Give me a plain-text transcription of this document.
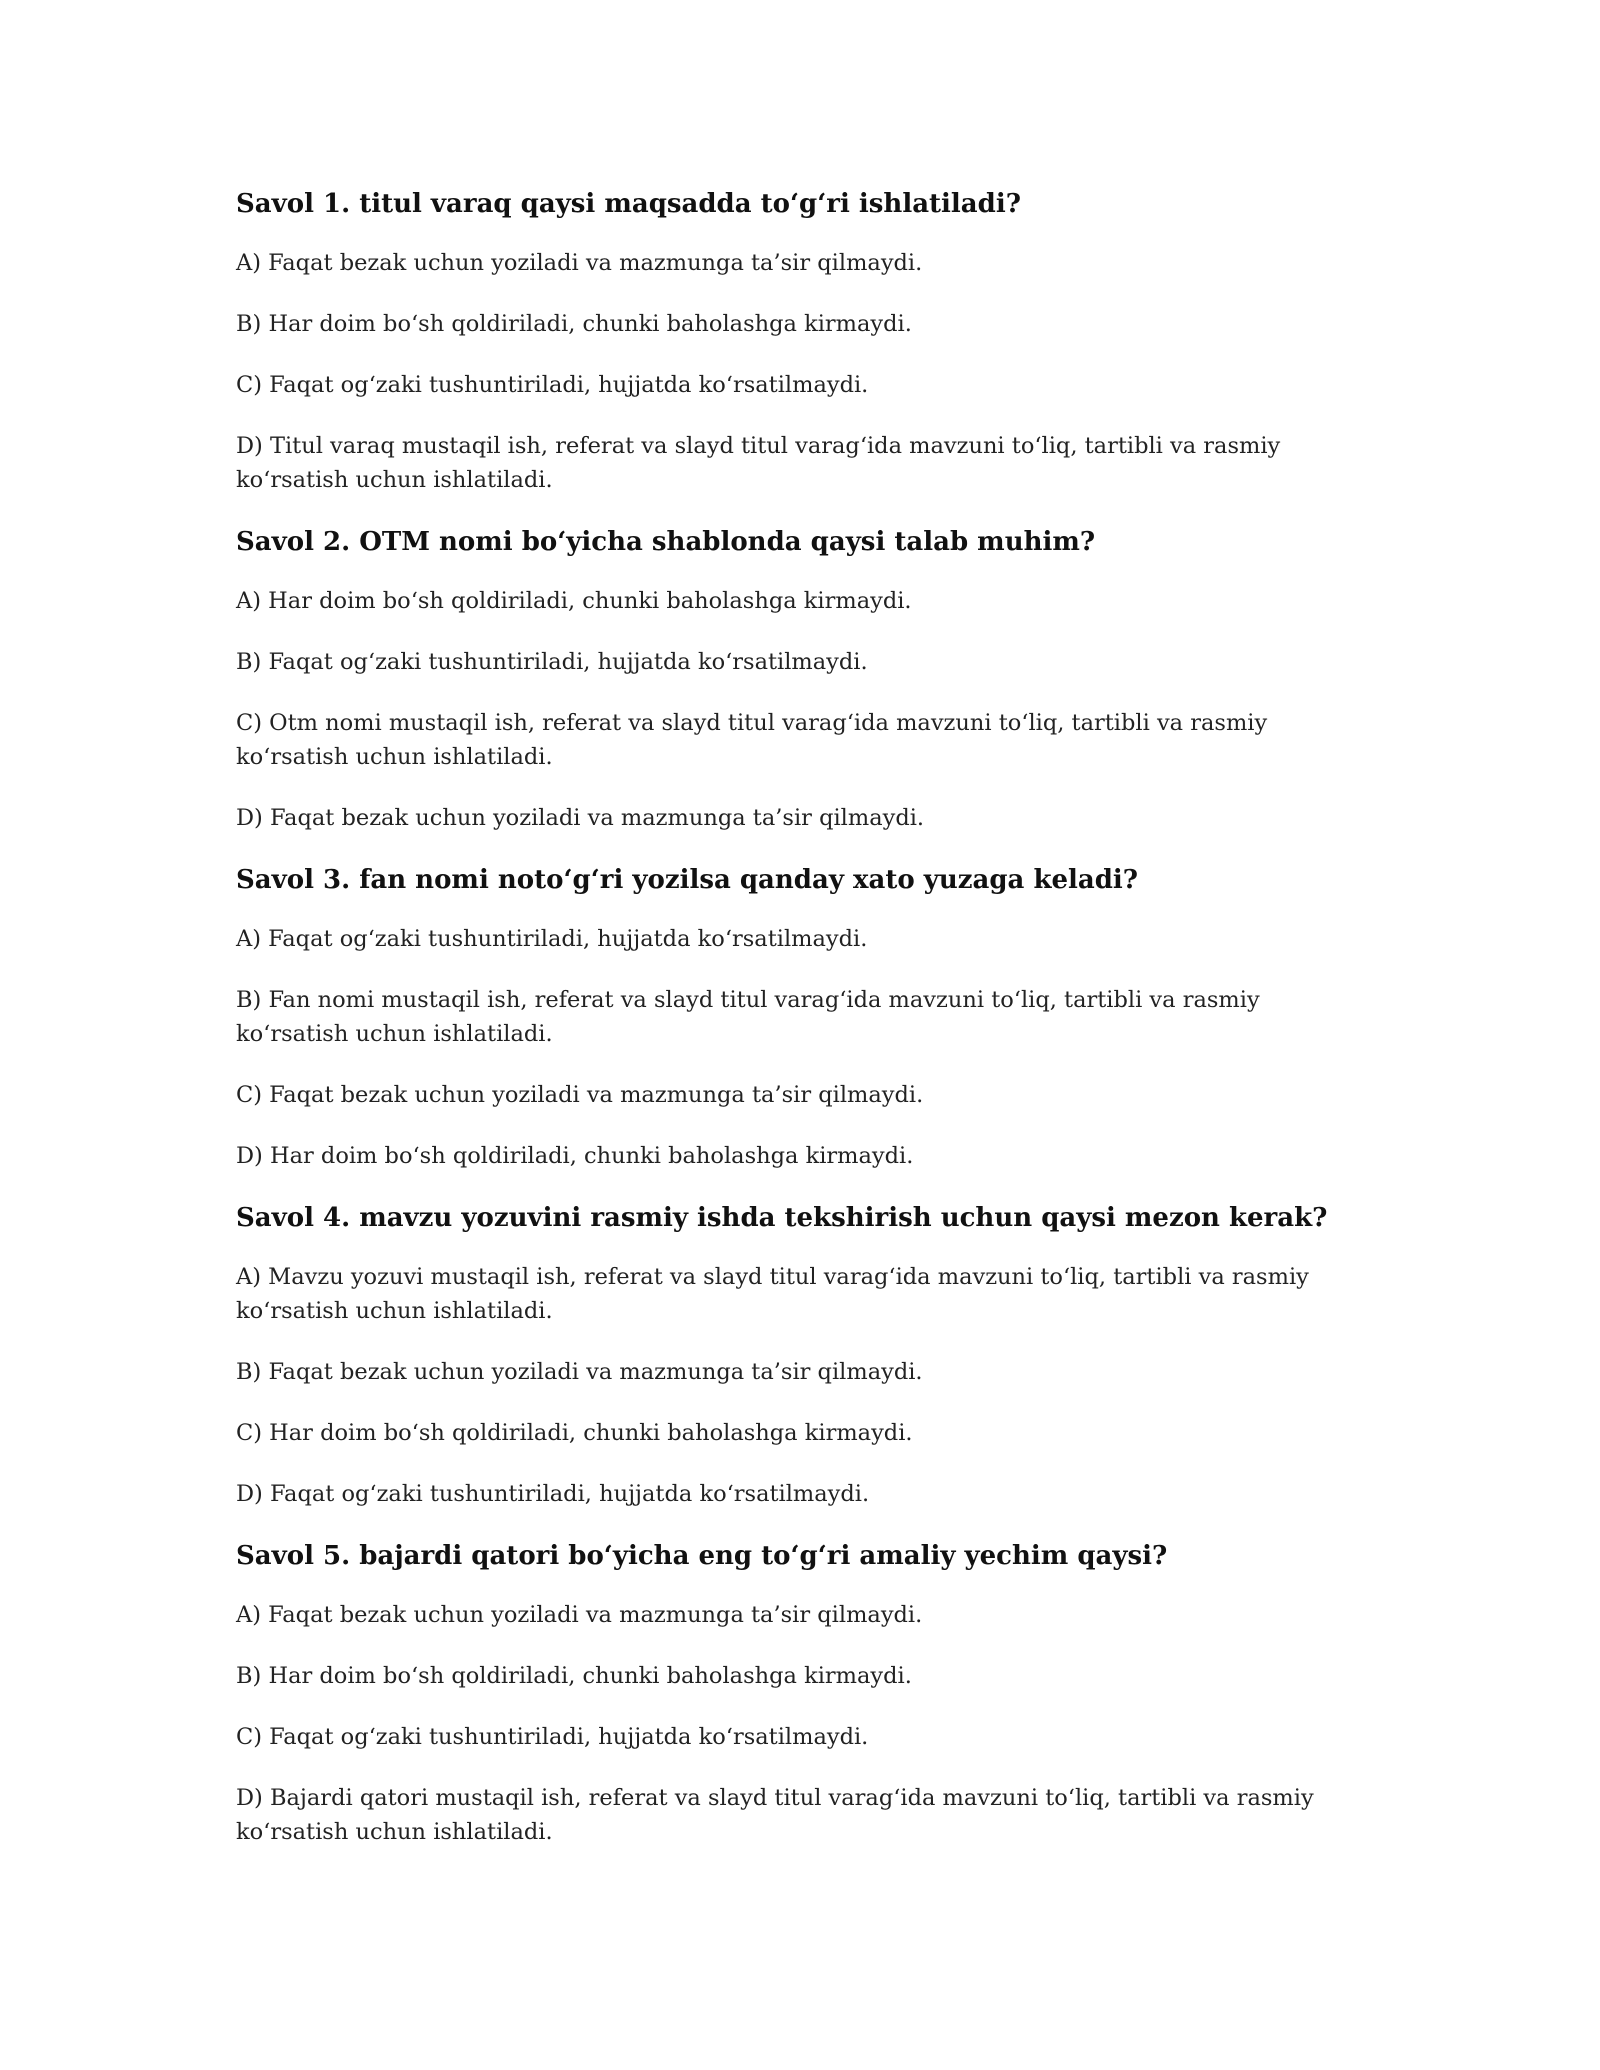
Savol 1. titul varaq qaysi maqsadda to‘g‘ri ishlatiladi?

A) Faqat bezak uchun yoziladi va mazmunga ta’sir qilmaydi.

B) Har doim bo‘sh qoldiriladi, chunki baholashga kirmaydi.

C) Faqat og‘zaki tushuntiriladi, hujjatda ko‘rsatilmaydi.

D) Titul varaq mustaqil ish, referat va slayd titul varag‘ida mavzuni to‘liq, tartibli va rasmiy ko‘rsatish uchun ishlatiladi.

Savol 2. OTM nomi bo‘yicha shablonda qaysi talab muhim?

A) Har doim bo‘sh qoldiriladi, chunki baholashga kirmaydi.

B) Faqat og‘zaki tushuntiriladi, hujjatda ko‘rsatilmaydi.

C) Otm nomi mustaqil ish, referat va slayd titul varag‘ida mavzuni to‘liq, tartibli va rasmiy ko‘rsatish uchun ishlatiladi.

D) Faqat bezak uchun yoziladi va mazmunga ta’sir qilmaydi.

Savol 3. fan nomi noto‘g‘ri yozilsa qanday xato yuzaga keladi?

A) Faqat og‘zaki tushuntiriladi, hujjatda ko‘rsatilmaydi.

B) Fan nomi mustaqil ish, referat va slayd titul varag‘ida mavzuni to‘liq, tartibli va rasmiy ko‘rsatish uchun ishlatiladi.

C) Faqat bezak uchun yoziladi va mazmunga ta’sir qilmaydi.

D) Har doim bo‘sh qoldiriladi, chunki baholashga kirmaydi.

Savol 4. mavzu yozuvini rasmiy ishda tekshirish uchun qaysi mezon kerak?

A) Mavzu yozuvi mustaqil ish, referat va slayd titul varag‘ida mavzuni to‘liq, tartibli va rasmiy ko‘rsatish uchun ishlatiladi.

B) Faqat bezak uchun yoziladi va mazmunga ta’sir qilmaydi.

C) Har doim bo‘sh qoldiriladi, chunki baholashga kirmaydi.

D) Faqat og‘zaki tushuntiriladi, hujjatda ko‘rsatilmaydi.

Savol 5. bajardi qatori bo‘yicha eng to‘g‘ri amaliy yechim qaysi?

A) Faqat bezak uchun yoziladi va mazmunga ta’sir qilmaydi.

B) Har doim bo‘sh qoldiriladi, chunki baholashga kirmaydi.

C) Faqat og‘zaki tushuntiriladi, hujjatda ko‘rsatilmaydi.

D) Bajardi qatori mustaqil ish, referat va slayd titul varag‘ida mavzuni to‘liq, tartibli va rasmiy ko‘rsatish uchun ishlatiladi.
